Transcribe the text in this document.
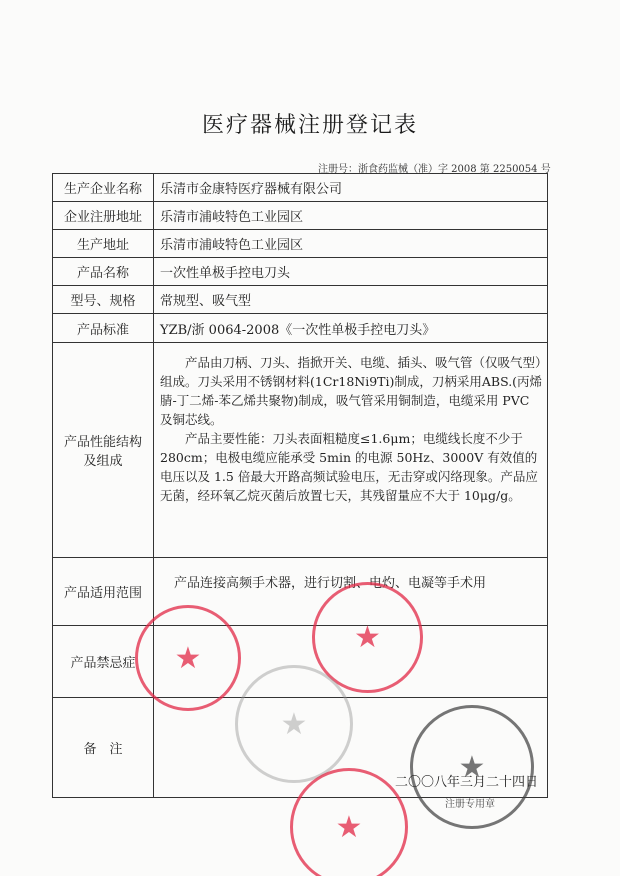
医疗器械注册登记表
注册号：浙食药监械（准）字 2008 第 2250054 号
生产企业名称	乐清市金康特医疗器械有限公司
企业注册地址	乐清市浦岐特色工业园区
生产地址	乐清市浦岐特色工业园区
产品名称	一次性单极手控电刀头
型号、规格	常规型、吸气型
产品标准	YZB/浙 0064-2008《一次性单极手控电刀头》
产品性能结构及组成	产品由刀柄、刀头、指掀开关、电缆、插头、吸气管（仅吸气型）组成。刀头采用不锈钢材料(1Cr18Ni9Ti)制成，刀柄采用ABS.(丙烯腈-丁二烯-苯乙烯共聚物)制成，吸气管采用铜制造，电缆采用 PVC 及铜芯线。

产品主要性能：刀头表面粗糙度≤1.6μm；电缆线长度不少于 280cm；电极电缆应能承受 5min 的电源 50Hz、3000V 有效值的电压以及 1.5 倍最大开路高频试验电压，无击穿或闪络现象。产品应无菌，经环氧乙烷灭菌后放置七天，其残留量应不大于 10μg/g。

产品适用范围	产品连接高频手术器，进行切割、电灼、电凝等手术用
产品禁忌症	
备　注	
★
★
★
★
★
二〇〇八年三月二十四日
注册专用章
